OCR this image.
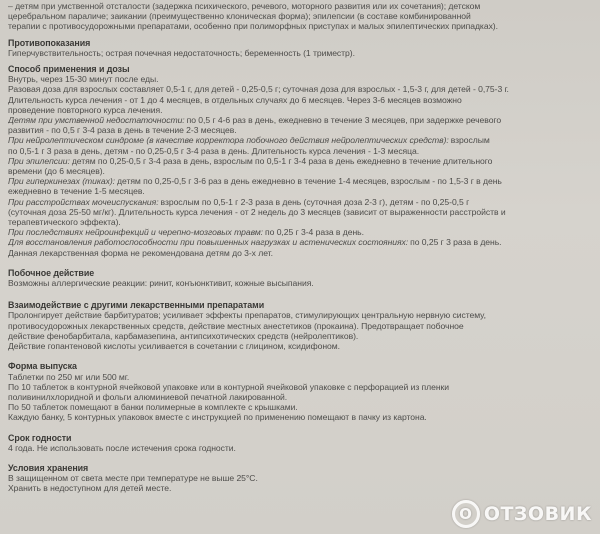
– детям при умственной отсталости (задержка психического, речевого, моторного развития или их сочетания); детском
церебральном параличе; заикании (преимущественно клоническая форма); эпилепсии (в составе комбинированной
терапии с противосудорожными препаратами, особенно при полиморфных приступах и малых эпилептических припадках).
Противопоказания
Гиперчувствительность; острая почечная недостаточность; беременность (1 триместр).
Способ применения и дозы
Внутрь, через 15-30 минут после еды.
Разовая доза для взрослых составляет 0,5-1 г, для детей - 0,25-0,5 г; суточная доза для взрослых - 1,5-3 г, для детей - 0,75-3 г.
Длительность курса лечения - от 1 до 4 месяцев, в отдельных случаях до 6 месяцев. Через 3-6 месяцев возможно
проведение повторного курса лечения.
Детям при умственной недостаточности: по 0,5 г 4-6 раз в день, ежедневно в течение 3 месяцев, при задержке речевого
развития - по 0,5 г 3-4 раза в день в течение 2-3 месяцев.
При нейролептическом синдроме (в качестве корректора побочного действия нейролептических средств): взрослым
по 0,5-1 г 3 раза в день, детям - по 0,25-0,5 г 3-4 раза в день. Длительность курса лечения - 1-3 месяца.
При эпилепсии: детям по 0,25-0,5 г 3-4 раза в день, взрослым по 0,5-1 г 3-4 раза в день ежедневно в течение длительного
времени (до 6 месяцев).
При гиперкинезах (тиках): детям по 0,25-0,5 г 3-6 раз в день ежедневно в течение 1-4 месяцев, взрослым - по 1,5-3 г в день
ежедневно в течение 1-5 месяцев.
При расстройствах мочеиспускания: взрослым по 0,5-1 г 2-3 раза в день (суточная доза 2-3 г), детям - по 0,25-0,5 г
(суточная доза 25-50 мг/кг). Длительность курса лечения - от 2 недель до 3 месяцев (зависит от выраженности расстройств и
терапевтического эффекта).
При последствиях нейроинфекций и черепно-мозговых травм: по 0,25 г 3-4 раза в день.
Для восстановления работоспособности при повышенных нагрузках и астенических состояниях: по 0,25 г 3 раза в день.
Данная лекарственная форма не рекомендована детям до 3-х лет.
Побочное действие
Возможны аллергические реакции: ринит, конъюнктивит, кожные высыпания.
Взаимодействие с другими лекарственными препаратами
Пролонгирует действие барбитуратов; усиливает эффекты препаратов, стимулирующих центральную нервную систему,
противосудорожных лекарственных средств, действие местных анестетиков (прокаина). Предотвращает побочное
действие фенобарбитала, карбамазепина, антипсихотических средств (нейролептиков).
Действие гопантеновой кислоты усиливается в сочетании с глицином, ксидифоном.
Форма выпуска
Таблетки по 250 мг или 500 мг.
По 10 таблеток в контурной ячейковой упаковке или в контурной ячейковой упаковке с перфорацией из пленки
поливинилхлоридной и фольги алюминиевой печатной лакированной.
По 50 таблеток помещают в банки полимерные в комплекте с крышками.
Каждую банку, 5 контурных упаковок вместе с инструкцией по применению помещают в пачку из картона.
Срок годности
4 года. Не использовать после истечения срока годности.
Условия хранения
В защищенном от света месте при температуре не выше 25°С.
Хранить в недоступном для детей месте.
О ОТЗОВИК
